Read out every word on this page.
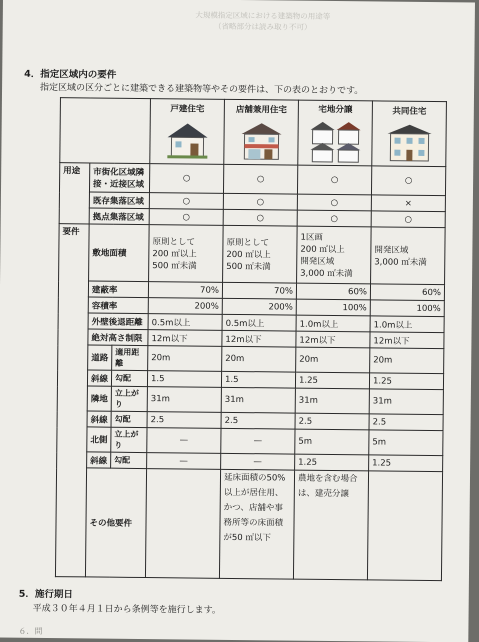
大規模指定区域における建築物の用途等
（省略部分は読み取り不可）
4．指定区域内の要件
指定区域の区分ごとに建築できる建築物等やその要件は、下の表のとおりです。

			戸建住宅	店舗兼用住宅	宅地分譲	共同住宅

用途	市街化区域隣接・近接区域		○	○	○	○
	既存集落区域		○	○	○	×
	拠点集落区域		○	○	○	○
要件	敷地面積		原則として
200 ㎡以上
500 ㎡未満	原則として
200 ㎡以上
500 ㎡未満	1区画
200 ㎡以上
開発区域
3,000 ㎡未満	開発区域
3,000 ㎡未満
	建蔽率		70%	70%	60%	60%
	容積率		200%	200%	100%	100%
	外壁後退距離		0.5m以上	0.5m以上	1.0m以上	1.0m以上
	絶対高さ制限		12m以下	12m以下	12m以下	12m以下
	道路	適用距離	20m	20m	20m	20m
	斜線	勾配	1.5	1.5	1.25	1.25
	隣地	立上がり	31m	31m	31m	31m
	斜線	勾配	2.5	2.5	2.5	2.5
	北側	立上がり	—	—	5m	5m
	斜線	勾配	—	—	1.25	1.25
	その他要件			延床面積の50%以上が居住用、かつ、店舗や事務所等の床面積が50 ㎡以下	農地を含む場合は、建売分譲	
5．施行期日
平成３０年４月１日から条例等を施行します。
６．問
